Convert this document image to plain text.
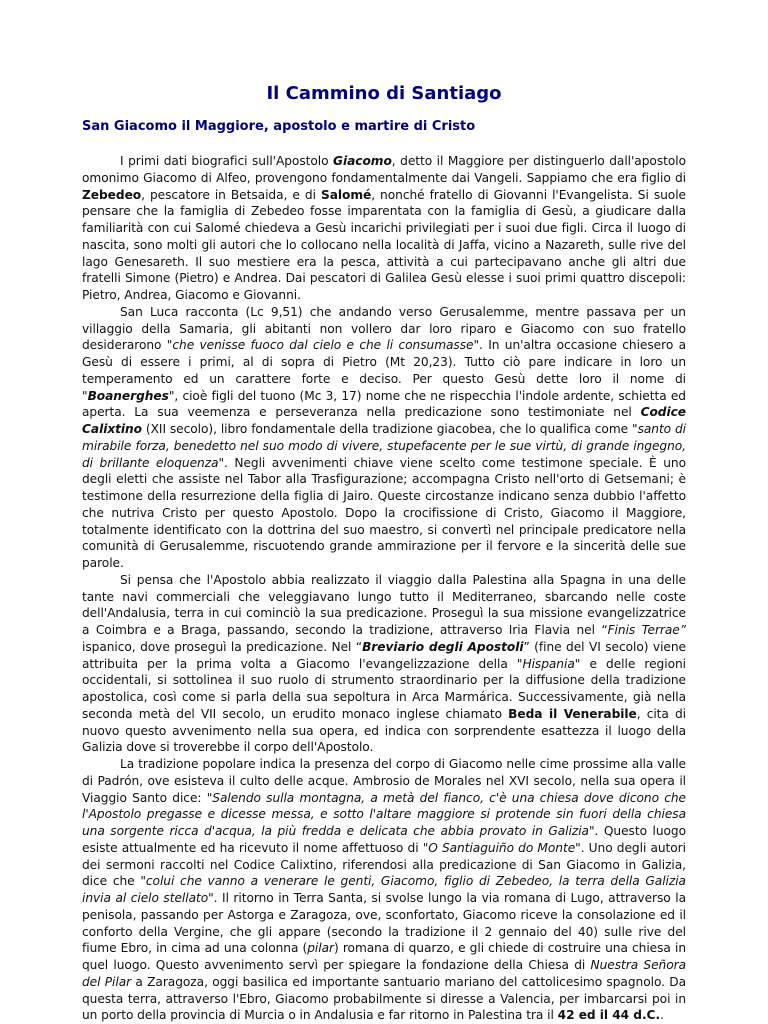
Il Cammino di Santiago
San Giacomo il Maggiore, apostolo e martire di Cristo

I primi dati biografici sull'Apostolo Giacomo, detto il Maggiore per distinguerlo dall'apostolo omonimo Giacomo di Alfeo, provengono fondamentalmente dai Vangeli. Sappiamo che era figlio di Zebedeo, pescatore in Betsaida, e di Salomé, nonché fratello di Giovanni l'Evangelista. Si suole pensare che la famiglia di Zebedeo fosse imparentata con la famiglia di Gesù, a giudicare dalla familiarità con cui Salomé chiedeva a Gesù incarichi privilegiati per i suoi due figli. Circa il luogo di nascita, sono molti gli autori che lo collocano nella località di Jaffa, vicino a Nazareth, sulle rive del lago Genesareth. Il suo mestiere era la pesca, attività a cui partecipavano anche gli altri due fratelli Simone (Pietro) e Andrea. Dai pescatori di Galilea Gesù elesse i suoi primi quattro discepoli: Pietro, Andrea, Giacomo e Giovanni.

San Luca racconta (Lc 9,51) che andando verso Gerusalemme, mentre passava per un villaggio della Samaria, gli abitanti non vollero dar loro riparo e Giacomo con suo fratello desiderarono "che venisse fuoco dal cielo e che li consumasse". In un'altra occasione chiesero a Gesù di essere i primi, al di sopra di Pietro (Mt 20,23). Tutto ciò pare indicare in loro un temperamento ed un carattere forte e deciso. Per questo Gesù dette loro il nome di "Boanerghes", cioè figli del tuono (Mc 3, 17) nome che ne rispecchia l'indole ardente, schietta ed aperta. La sua veemenza e perseveranza nella predicazione sono testimoniate nel Codice Calixtino (XII secolo), libro fondamentale della tradizione giacobea, che lo qualifica come "santo di mirabile forza, benedetto nel suo modo di vivere, stupefacente per le sue virtù, di grande ingegno, di brillante eloquenza". Negli avvenimenti chiave viene scelto come testimone speciale. È uno degli eletti che assiste nel Tabor alla Trasfigurazione; accompagna Cristo nell'orto di Getsemani; è testimone della resurrezione della figlia di Jairo. Queste circostanze indicano senza dubbio l'affetto che nutriva Cristo per questo Apostolo. Dopo la crocifissione di Cristo, Giacomo il Maggiore, totalmente identificato con la dottrina del suo maestro, si convertì nel principale predicatore nella comunità di Gerusalemme, riscuotendo grande ammirazione per il fervore e la sincerità delle sue parole.

Si pensa che l'Apostolo abbia realizzato il viaggio dalla Palestina alla Spagna in una delle tante navi commerciali che veleggiavano lungo tutto il Mediterraneo, sbarcando nelle coste dell'Andalusia, terra in cui cominciò la sua predicazione. Proseguì la sua missione evangelizzatrice a Coimbra e a Braga, passando, secondo la tradizione, attraverso Iria Flavia nel “Finis Terrae” ispanico, dove proseguì la predicazione. Nel “Breviario degli Apostoli” (fine del VI secolo) viene attribuita per la prima volta a Giacomo l'evangelizzazione della "Hispania" e delle regioni occidentali, si sottolinea il suo ruolo di strumento straordinario per la diffusione della tradizione apostolica, così come si parla della sua sepoltura in Arca Marmárica. Successivamente, già nella seconda metà del VII secolo, un erudito monaco inglese chiamato Beda il Venerabile, cita di nuovo questo avvenimento nella sua opera, ed indica con sorprendente esattezza il luogo della Galizia dove si troverebbe il corpo dell'Apostolo.

La tradizione popolare indica la presenza del corpo di Giacomo nelle cime prossime alla valle di Padrón, ove esisteva il culto delle acque. Ambrosio de Morales nel XVI secolo, nella sua opera il Viaggio Santo dice: "Salendo sulla montagna, a metà del fianco, c'è una chiesa dove dicono che l'Apostolo pregasse e dicesse messa, e sotto l'altare maggiore si protende sin fuori della chiesa una sorgente ricca d'acqua, la più fredda e delicata che abbia provato in Galizia". Questo luogo esiste attualmente ed ha ricevuto il nome affettuoso di "O Santiaguiño do Monte". Uno degli autori dei sermoni raccolti nel Codice Calixtino, riferendosi alla predicazione di San Giacomo in Galizia, dice che "colui che vanno a venerare le genti, Giacomo, figlio di Zebedeo, la terra della Galizia invia al cielo stellato". Il ritorno in Terra Santa, si svolse lungo la via romana di Lugo, attraverso la penisola, passando per Astorga e Zaragoza, ove, sconfortato, Giacomo riceve la consolazione ed il conforto della Vergine, che gli appare (secondo la tradizione il 2 gennaio del 40) sulle rive del fiume Ebro, in cima ad una colonna (pilar) romana di quarzo, e gli chiede di costruire una chiesa in quel luogo. Questo avvenimento servì per spiegare la fondazione della Chiesa di Nuestra Señora del Pilar a Zaragoza, oggi basilica ed importante santuario mariano del cattolicesimo spagnolo. Da questa terra, attraverso l'Ebro, Giacomo probabilmente si diresse a Valencia, per imbarcarsi poi in un porto della provincia di Murcia o in Andalusia e far ritorno in Palestina tra il 42 ed il 44 d.C..
